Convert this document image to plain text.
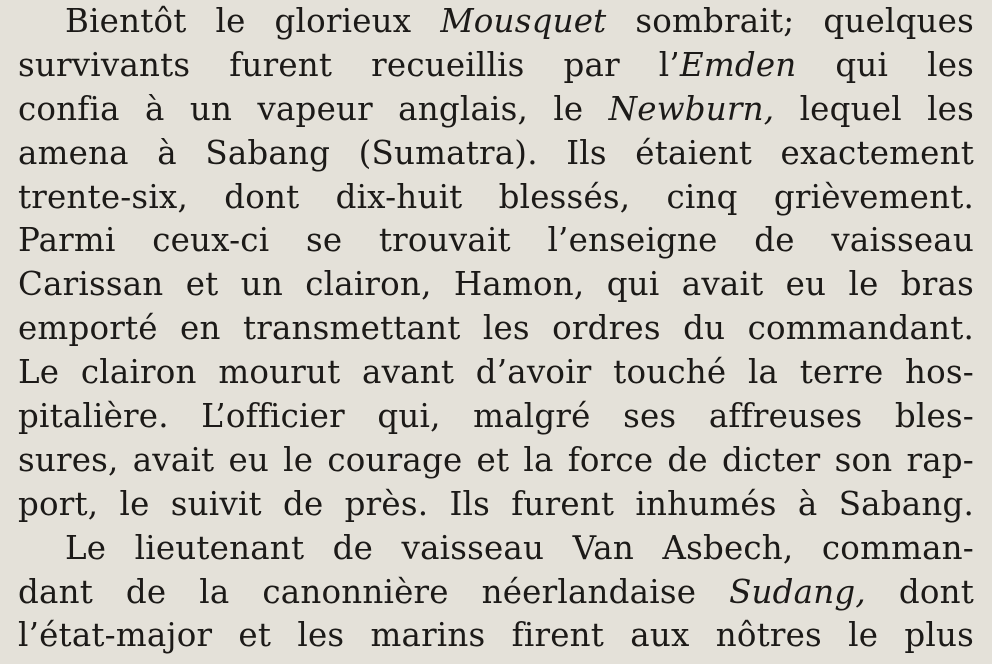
Bientôt le glorieux Mousquet sombrait; quelques
survivants furent recueillis par l’Emden qui les
confia à un vapeur anglais, le Newburn, lequel les
amena à Sabang (Sumatra). Ils étaient exactement
trente-six, dont dix-huit blessés, cinq grièvement.
Parmi ceux-ci se trouvait l’enseigne de vaisseau
Carissan et un clairon, Hamon, qui avait eu le bras
emporté en transmettant les ordres du commandant.
Le clairon mourut avant d’avoir touché la terre hos-
pitalière. L’officier qui, malgré ses affreuses bles-
sures, avait eu le courage et la force de dicter son rap-
port, le suivit de près. Ils furent inhumés à Sabang.
Le lieutenant de vaisseau Van Asbech, comman-
dant de la canonnière néerlandaise Sudang, dont
l’état-major et les marins firent aux nôtres le plus
